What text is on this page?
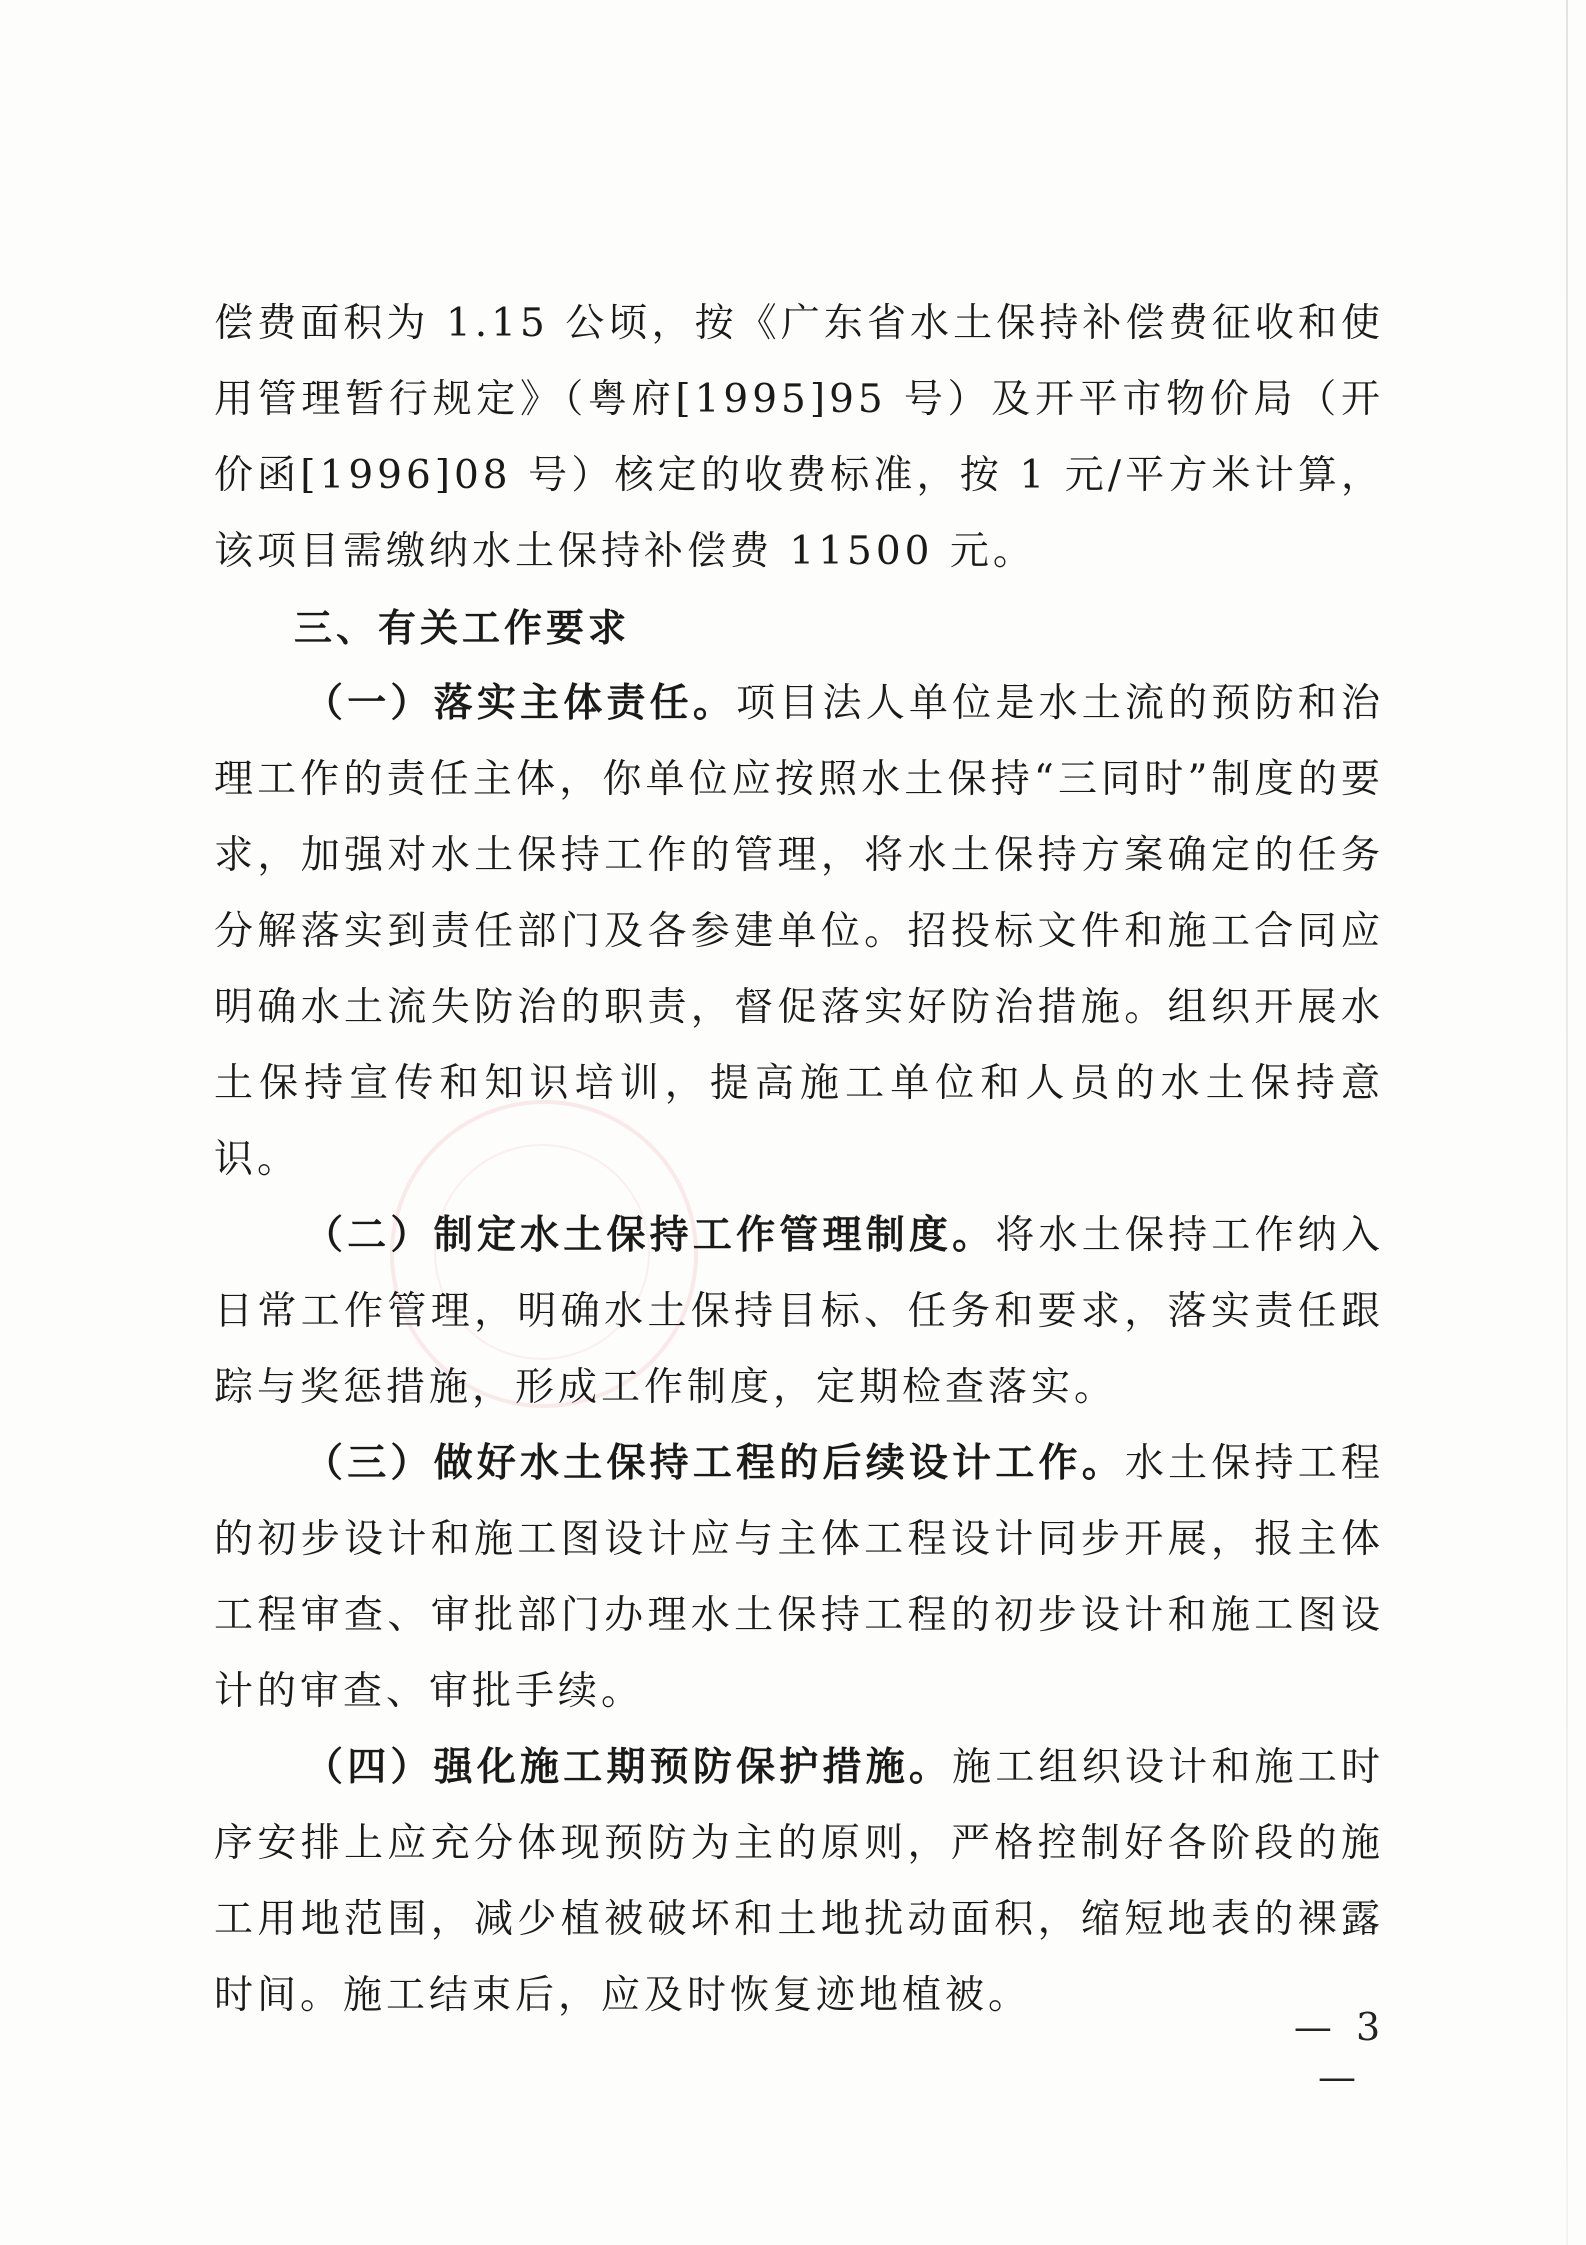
偿费面积为 1.15 公顷，按《广东省水土保持补偿费征收和使用管理暂行规定》（粤府[1995]95 号）及开平市物价局（开价函[1996]08 号）核定的收费标准，按 1 元/平方米计算，该项目需缴纳水土保持补偿费 11500 元。

三、有关工作要求

（一）落实主体责任。项目法人单位是水土流的预防和治理工作的责任主体，你单位应按照水土保持“三同时”制度的要求，加强对水土保持工作的管理，将水土保持方案确定的任务分解落实到责任部门及各参建单位。招投标文件和施工合同应明确水土流失防治的职责，督促落实好防治措施。组织开展水土保持宣传和知识培训，提高施工单位和人员的水土保持意识。

（二）制定水土保持工作管理制度。将水土保持工作纳入日常工作管理，明确水土保持目标、任务和要求，落实责任跟踪与奖惩措施，形成工作制度，定期检查落实。

（三）做好水土保持工程的后续设计工作。水土保持工程的初步设计和施工图设计应与主体工程设计同步开展，报主体工程审查、审批部门办理水土保持工程的初步设计和施工图设计的审查、审批手续。

（四）强化施工期预防保护措施。施工组织设计和施工时序安排上应充分体现预防为主的原则，严格控制好各阶段的施工用地范围，减少植被破坏和土地扰动面积，缩短地表的裸露时间。施工结束后，应及时恢复迹地植被。

— 3 —
